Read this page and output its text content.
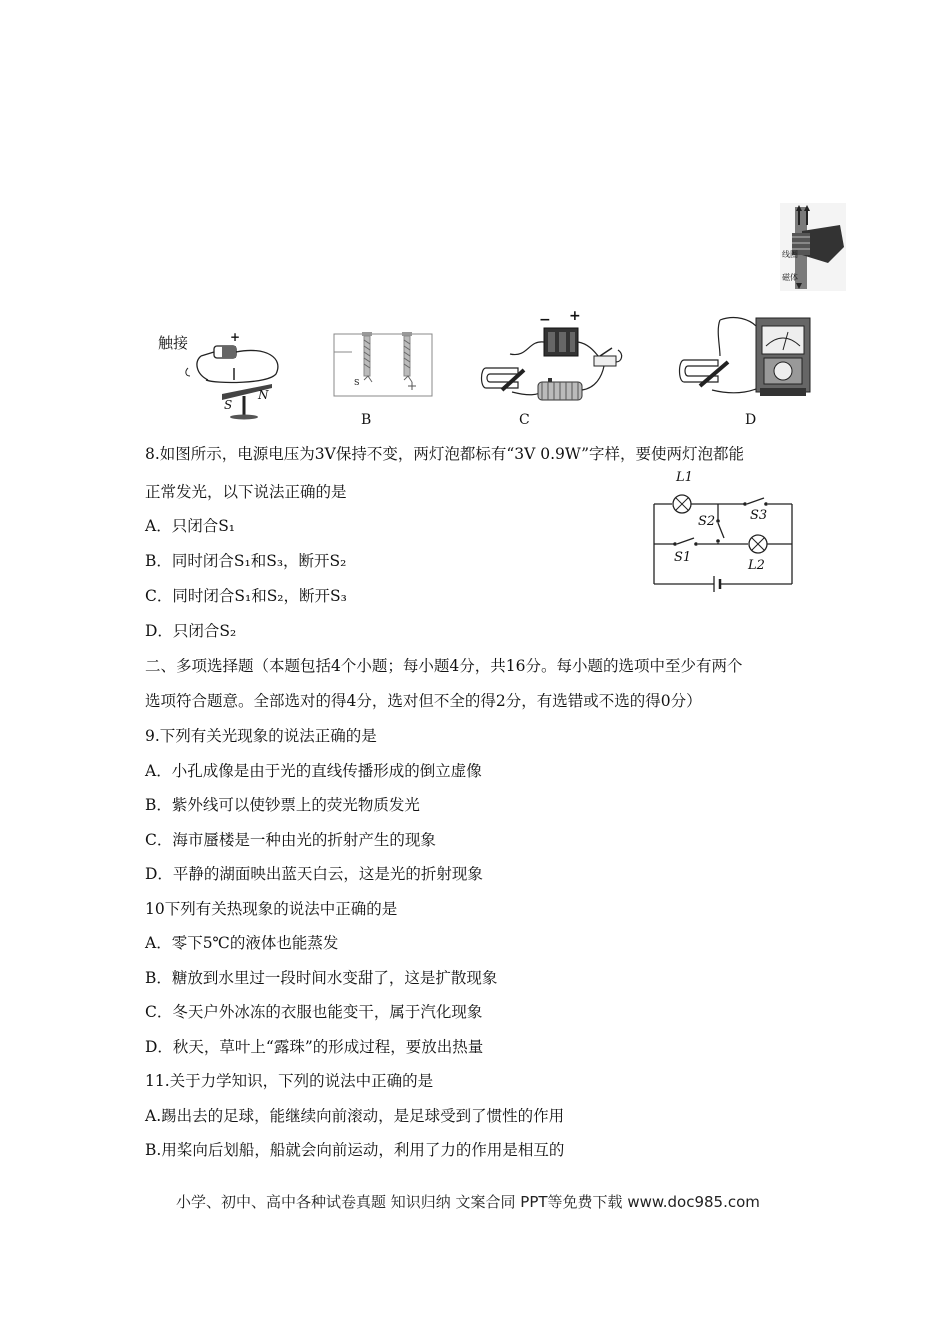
线圈
磁体
触接	+
S
N
S
B
− +
C	D
8.如图所示，电源电压为3V保持不变，两灯泡都标有“3V 0.9W”字样，要使两灯泡都能
正常发光，以下说法正确的是
A．只闭合S₁
B．同时闭合S₁和S₃，断开S₂
C．同时闭合S₁和S₂，断开S₃
D．只闭合S₂
L1
S2	S3
S1
L2
二、多项选择题（本题包括4个小题；每小题4分，共16分。每小题的选项中至少有两个
选项符合题意。全部选对的得4分，选对但不全的得2分，有选错或不选的得0分）
9.下列有关光现象的说法正确的是
A．小孔成像是由于光的直线传播形成的倒立虚像
B．紫外线可以使钞票上的荧光物质发光
C．海市蜃楼是一种由光的折射产生的现象
D．平静的湖面映出蓝天白云，这是光的折射现象
10下列有关热现象的说法中正确的是
A．零下5℃的液体也能蒸发
B．糖放到水里过一段时间水变甜了，这是扩散现象
C．冬天户外冰冻的衣服也能变干，属于汽化现象
D．秋天，草叶上“露珠”的形成过程，要放出热量
11.关于力学知识，下列的说法中正确的是
A.踢出去的足球，能继续向前滚动，是足球受到了惯性的作用
B.用桨向后划船，船就会向前运动，利用了力的作用是相互的
小学、初中、高中各种试卷真题 知识归纳 文案合同 PPT等免费下载 www.doc985.com
